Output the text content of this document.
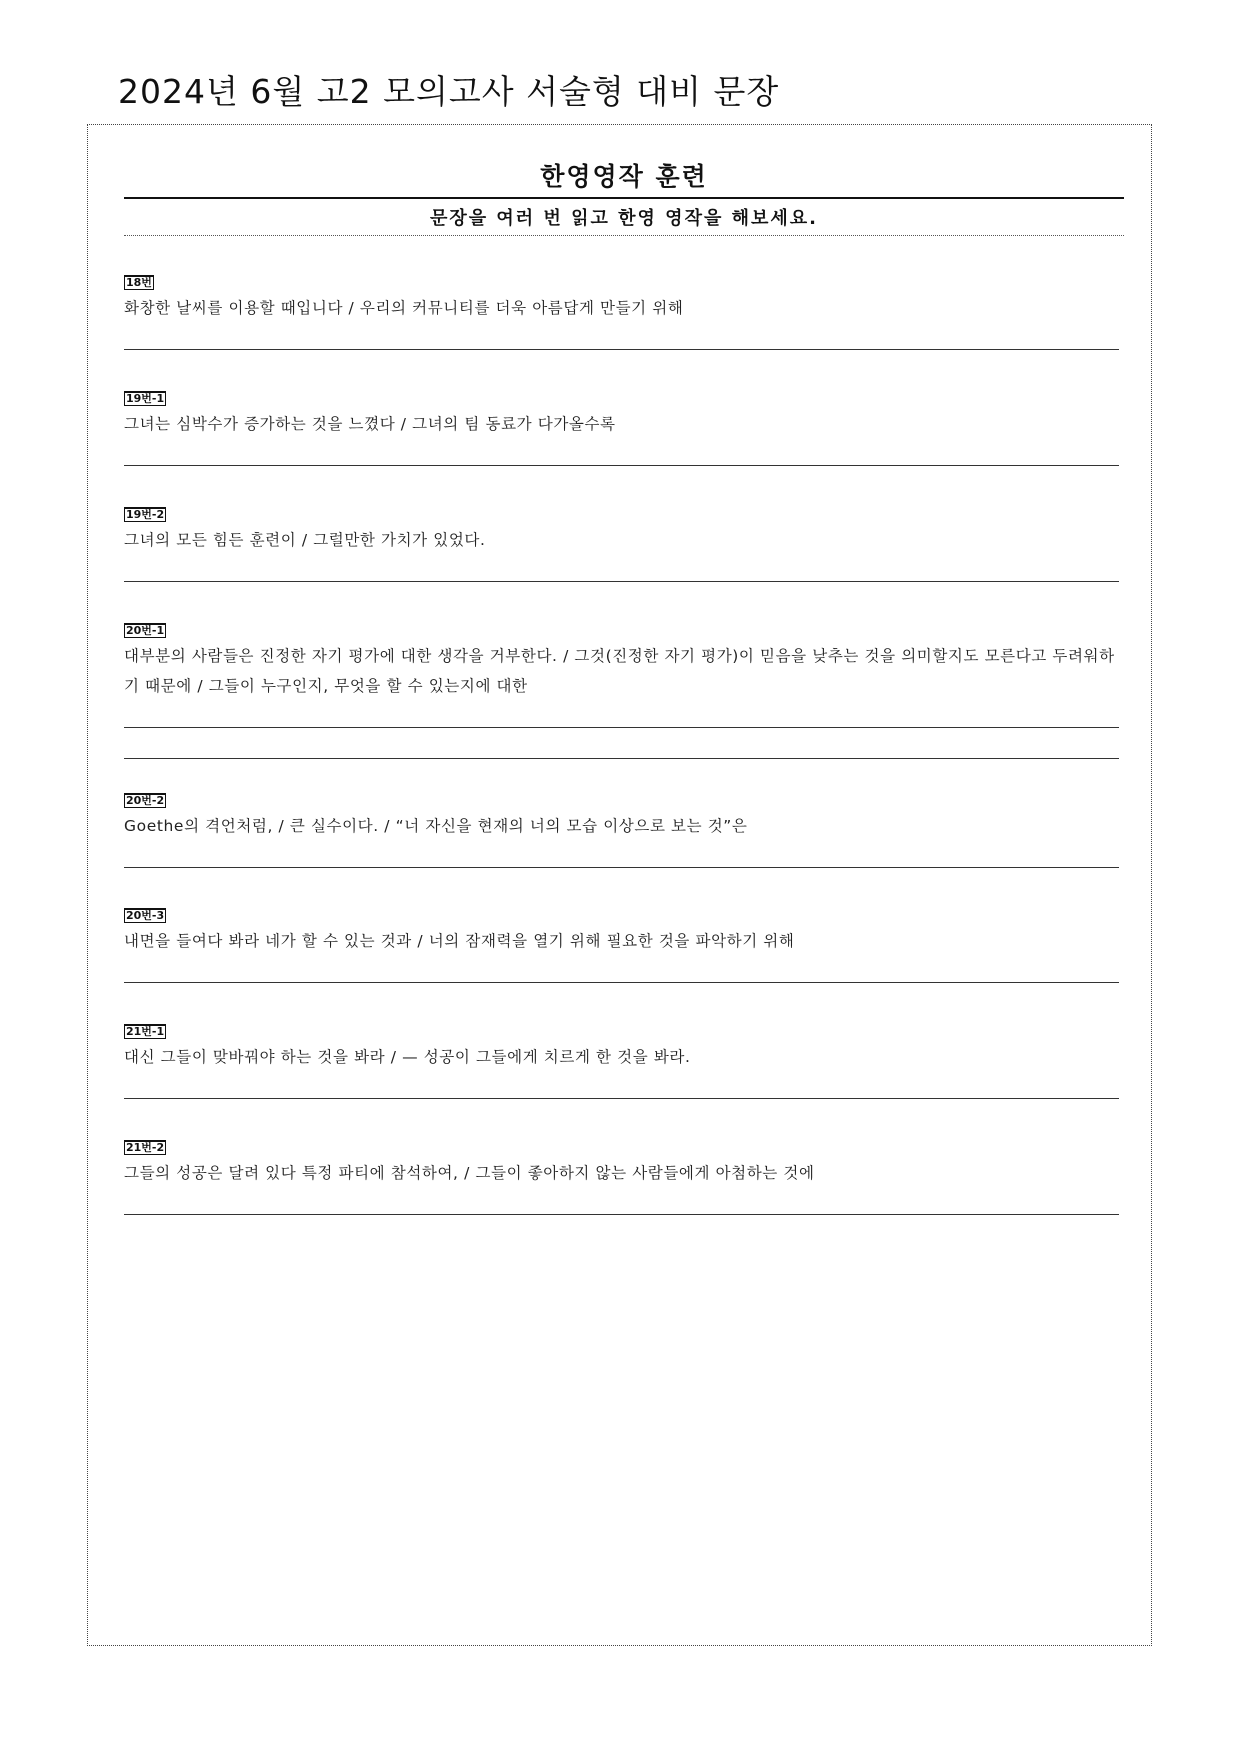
2024년 6월 고2 모의고사 서술형 대비 문장
한영영작 훈련
문장을 여러 번 읽고 한영 영작을 해보세요.
18번
화창한 날씨를 이용할 때입니다 / 우리의 커뮤니티를 더욱 아름답게 만들기 위해
19번-1
그녀는 심박수가 증가하는 것을 느꼈다 / 그녀의 팀 동료가 다가올수록
19번-2
그녀의 모든 힘든 훈련이 / 그럴만한 가치가 있었다.
20번-1
대부분의 사람들은 진정한 자기 평가에 대한 생각을 거부한다. / 그것(진정한 자기 평가)이 믿음을 낮추는 것을 의미할지도 모른다고 두려워하기 때문에 / 그들이 누구인지, 무엇을 할 수 있는지에 대한
20번-2
Goethe의 격언처럼, / 큰 실수이다. / “너 자신을 현재의 너의 모습 이상으로 보는 것”은
20번-3
내면을 들여다 봐라 네가 할 수 있는 것과 / 너의 잠재력을 열기 위해 필요한 것을 파악하기 위해
21번-1
대신 그들이 맞바꿔야 하는 것을 봐라 / — 성공이 그들에게 치르게 한 것을 봐라.
21번-2
그들의 성공은 달려 있다 특정 파티에 참석하여, / 그들이 좋아하지 않는 사람들에게 아첨하는 것에
